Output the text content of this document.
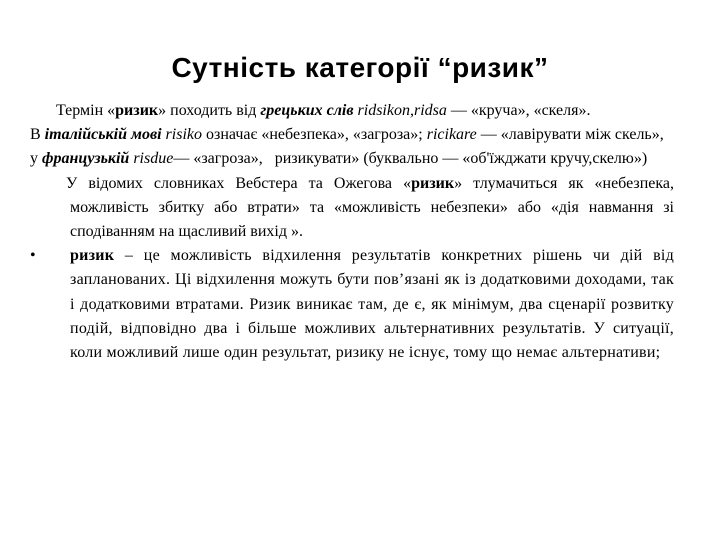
Сутність категорії “ризик”

Термін «ризик» походить від грецьких слів ridsikon,ridsa — «круча», «скеля».

В італійській мові risiko означає «небезпека», «загроза»; ricikare — «лавірувати між скель»,

у французькій risdue— «загроза», ризикувати» (буквально — «об'їжджати кручу,скелю»)

У відомих словниках Вебстера та Ожегова «ризик» тлумачиться як «небезпека, можливість збитку або втрати» та «можливість небезпеки» або «дія навмання зі сподіванням на щасливий вихід ».

•	ризик – це можливість відхилення результатів конкретних рішень чи дій від запланованих. Ці відхилення можуть бути пов’язані як із додатковими доходами, так і додатковими втратами. Ризик виникає там, де є, як мінімум, два сценарії розвитку подій, відповідно два і більше можливих альтернативних результатів. У ситуації, коли можливий лише один результат, ризику не існує, тому що немає альтернативи;
